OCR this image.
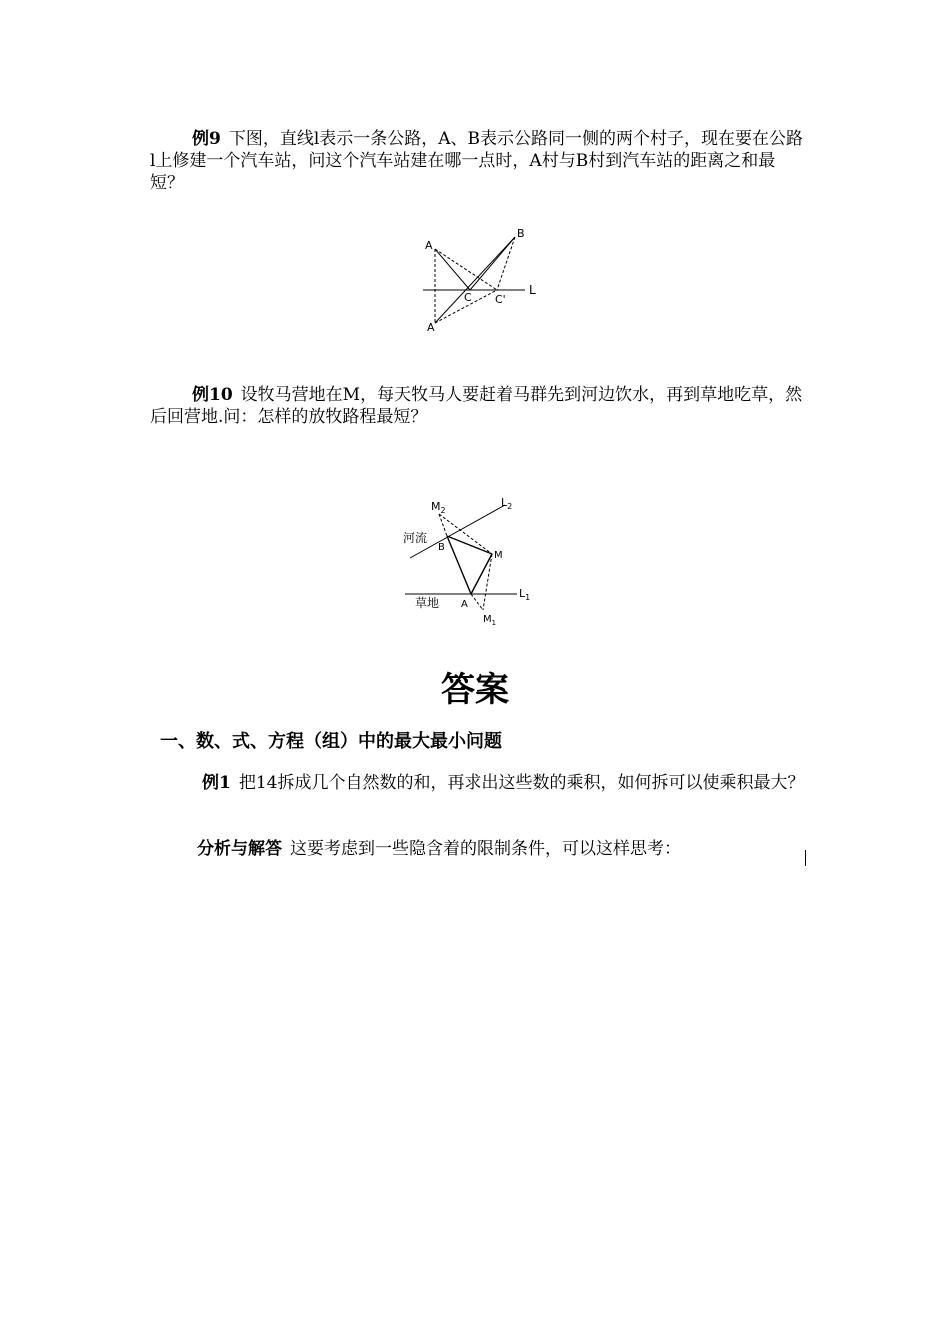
例9 下图，直线l表示一条公路，A、B表示公路同一侧的两个村子，现在要在公路l上修建一个汽车站，问这个汽车站建在哪一点时，A村与B村到汽车站的距离之和最短？

A
B
A
C C'
L

例10 设牧马营地在M，每天牧马人要赶着马群先到河边饮水，再到草地吃草，然后回营地.问：怎样的放牧路程最短？

$M_2$
$L_2$
河流
B
M
草地 A
$L_1$
$M_1$
答案
一、数、式、方程（组）中的最大最小问题

例1 把14拆成几个自然数的和，再求出这些数的乘积，如何拆可以使乘积最大？

分析与解答 这要考虑到一些隐含着的限制条件，可以这样思考：
